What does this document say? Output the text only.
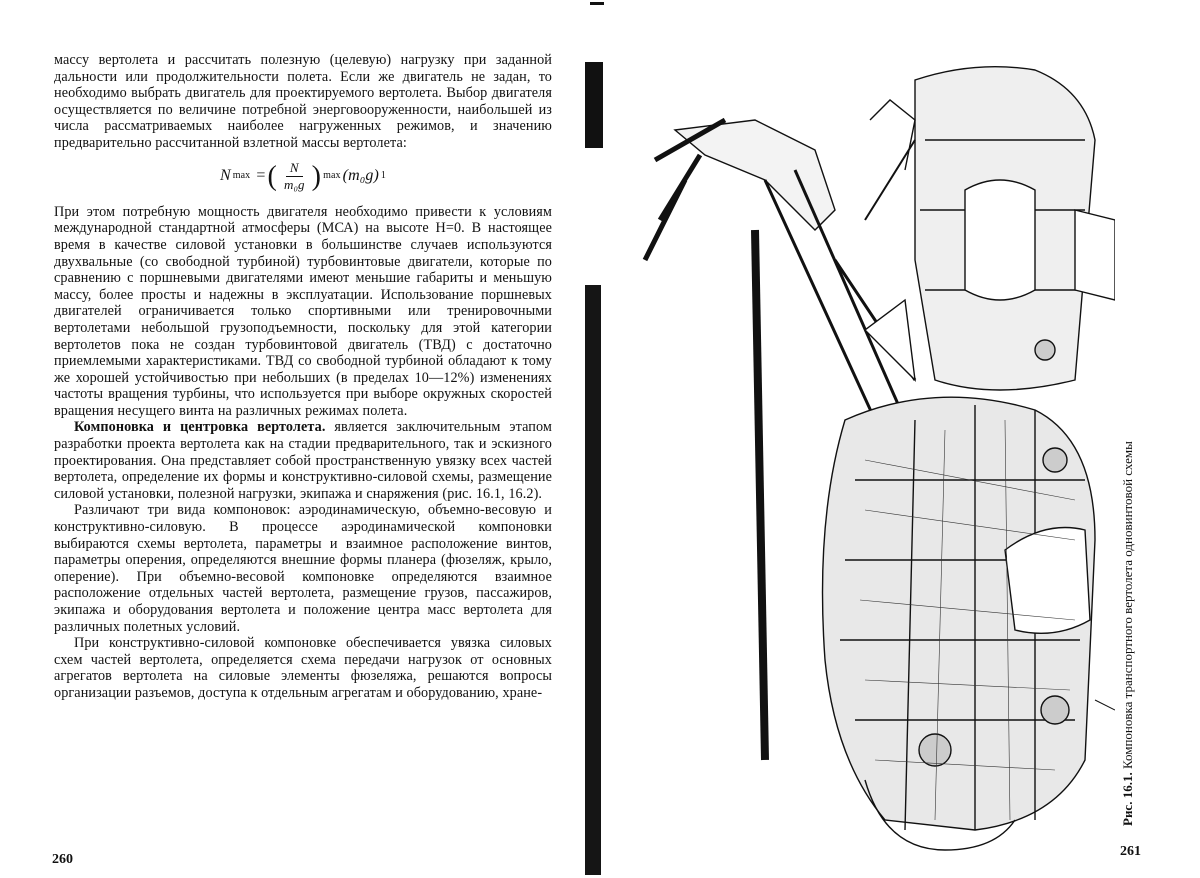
массу вертолета и рассчитать полезную (целевую) нагрузку при заданной дальности или продолжительности полета. Если же двигатель не задан, то необходимо выбрать двигатель для проектируемого вертолета. Выбор двигателя осуществляется по величине потребной энерговооруженности, наибольшей из числа рассматриваемых наиболее нагруженных режимов, и значению предварительно рассчитанной взлетной массы вертолета:

N max = ( $\frac{N}{\text{m₀g}}$ ) max (m₀g) 1

При этом потребную мощность двигателя необходимо привести к условиям международной стандартной атмосферы (МСА) на высоте H=0. В настоящее время в качестве силовой установки в большинстве случаев используются двухвальные (со свободной турбиной) турбовинтовые двигатели, которые по сравнению с поршневыми двигателями имеют меньшие габариты и меньшую массу, более просты и надежны в эксплуатации. Использование поршневых двигателей ограничивается только спортивными или тренировочными вертолетами небольшой грузоподъемности, поскольку для этой категории вертолетов пока не создан турбовинтовой двигатель (ТВД) с достаточно приемлемыми характеристиками. ТВД со свободной турбиной обладают к тому же хорошей устойчивостью при небольших (в пределах 10—12%) изменениях частоты вращения турбины, что используется при выборе окружных скоростей вращения несущего винта на различных режимах полета.

Компоновка и центровка вертолета. является заключительным этапом разработки проекта вертолета как на стадии предварительного, так и эскизного проектирования. Она представляет собой пространственную увязку всех частей вертолета, определение их формы и конструктивно-силовой схемы, размещение силовой установки, полезной нагрузки, экипажа и снаряжения (рис. 16.1, 16.2).

Различают три вида компоновок: аэродинамическую, объемно-весовую и конструктивно-силовую. В процессе аэродинамической компоновки выбираются схемы вертолета, параметры и взаимное расположение винтов, параметры оперения, определяются внешние формы планера (фюзеляж, крыло, оперение). При объемно-весовой компоновке определяются взаимное расположение отдельных частей вертолета, размещение грузов, пассажиров, экипажа и оборудования вертолета и положение центра масс вертолета для различных полетных условий.

При конструктивно-силовой компоновке обеспечивается увязка силовых схем частей вертолета, определяется схема передачи нагрузок от основных агрегатов вертолета на силовые элементы фюзеляжа, решаются вопросы организации разъемов, доступа к отдельным агрегатам и оборудованию, хране-

260
Рис. 16.1. Компоновка транспортного вертолета одновинтовой схемы
261
